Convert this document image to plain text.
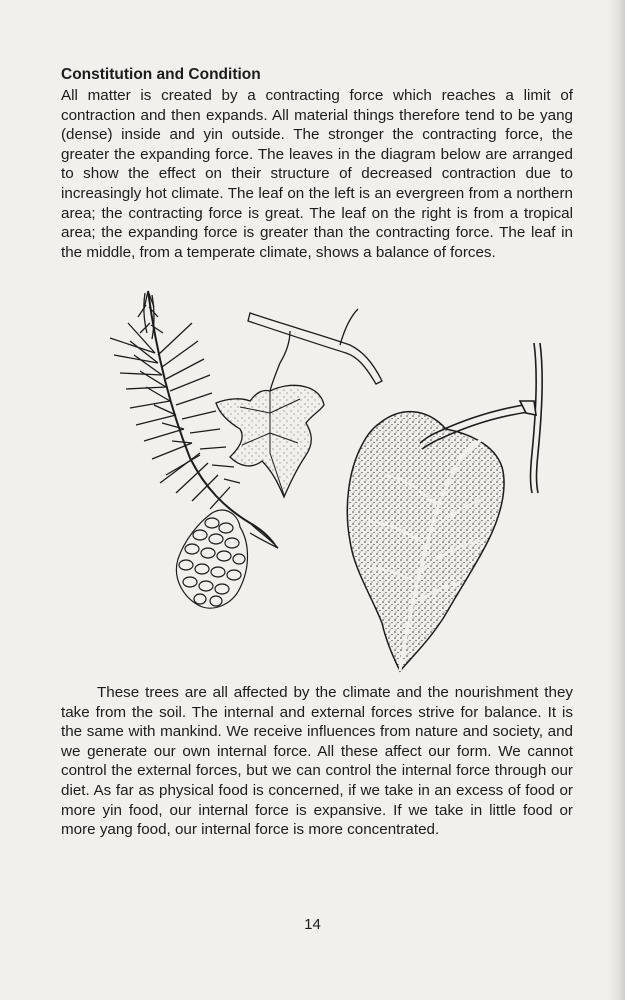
Constitution and Condition
All matter is created by a contracting force which reaches a limit of contraction and then expands. All material things therefore tend to be yang (dense) inside and yin outside. The stronger the contracting force, the greater the expanding force. The leaves in the diagram below are arranged to show the effect on their structure of decreased contraction due to increasingly hot climate. The leaf on the left is an evergreen from a northern area; the contracting force is great. The leaf on the right is from a tropical area; the expanding force is greater than the contracting force. The leaf in the middle, from a temperate climate, shows a balance of forces.
These trees are all affected by the climate and the nourishment they take from the soil. The internal and external forces strive for balance. It is the same with mankind. We receive influences from nature and society, and we generate our own internal force. All these affect our form. We cannot control the external forces, but we can control the internal force through our diet. As far as physical food is concerned, if we take in an excess of food or more yin food, our internal force is expansive. If we take in little food or more yang food, our internal force is more concentrated.
14
